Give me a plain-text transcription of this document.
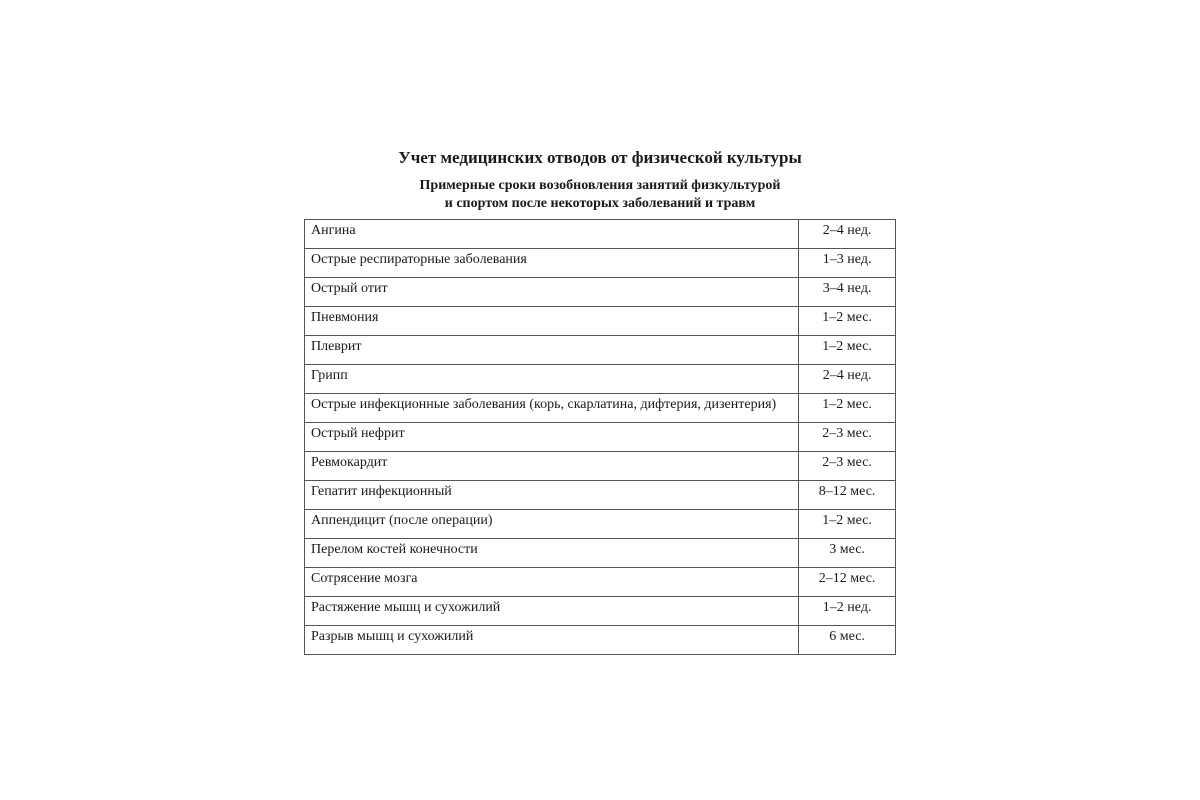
Учет медицинских отводов от физической культуры
Примерные сроки возобновления занятий физкультурой
и спортом после некоторых заболеваний и травм
Ангина	2–4 нед.
Острые респираторные заболевания	1–3 нед.
Острый отит	3–4 нед.
Пневмония	1–2 мес.
Плеврит	1–2 мес.
Грипп	2–4 нед.
Острые инфекционные заболевания (корь, скарлатина, дифтерия, дизентерия)	1–2 мес.
Острый нефрит	2–3 мес.
Ревмокардит	2–3 мес.
Гепатит инфекционный	8–12 мес.
Аппендицит (после операции)	1–2 мес.
Перелом костей конечности	3 мес.
Сотрясение мозга	2–12 мес.
Растяжение мышц и сухожилий	1–2 нед.
Разрыв мышц и сухожилий	6 мес.
